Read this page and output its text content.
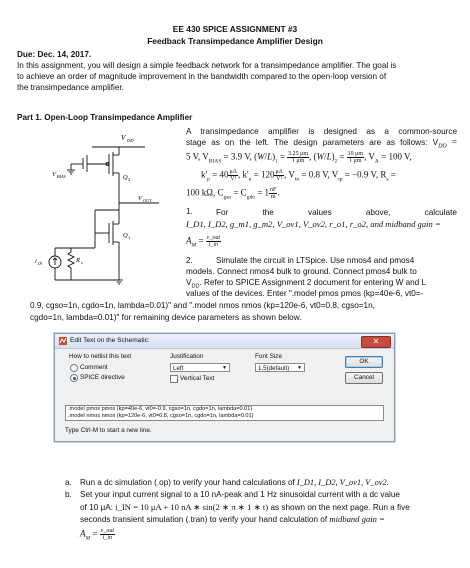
EE 430 SPICE ASSIGNMENT #3
Feedback Transimpedance Amplifier Design
Due: Dec. 14, 2017.
In this assignment, you will design a simple feedback network for a transimpedance amplifier. The goal is
to achieve an order of magnitude improvement in the bandwidth compared to the open-loop version of
the transimpedance amplifier.
Part 1. Open-Loop Transimpedance Amplifier
V DD
V BIAS	Q 2
V OUT
Q 1
i IN	R s
A transimpedance amplifier is designed as a common-source
stage as on the left. The design parameters are as follows: $V_{DD}$ =
5 V, $V_{BIAS} = 3.9$ V, $(W/L)_1 = \frac{3.25 \mu m}{1 \mu m}$ , $(W/L)_2 = \frac{10 \mu m}{1 \mu m}$ , $V_A = 100$ V,
$k'_p = 40 \frac{\mu A}{\text{V²}}$ , $k'_n = 120 \frac{\mu A}{\text{V²}}$ , $V_{tn} = 0.8$ V, $V_{tp} = -0.9$ V, $R_s$ =
100 kΩ, $C_{gso} = C_{gdo} = 1 \frac{nF}{m}$ .
1.	For	the	values	above,	calculate
I_D1, I_D2, g_m1, g_m2, V_ov1, V_ov2, r_o1, r_o2, and midband gain =
$A_M = \frac{\text{v\_out}}{i\_in}$
2.	Simulate the circuit in LTSpice. Use nmos4 and pmos4
models. Connect nmos4 bulk to ground. Connect pmos4 bulk to
$V_{DD}$. Refer to SPICE Assignment 2 document for entering W and L
values of the devices. Enter ".model pmos pmos (kp=40e-6, vt0=-
0.9, cgso=1n, cgdo=1n, lambda=0.01)" and ".model nmos nmos (kp=120e-6, vt0=0.8, cgso=1n,
cgdo=1n, lambda=0.01)" for remaining device parameters as shown below.
Edit Text on the Schematic:	✕
How to netlist this text
Comment
SPICE directive
Justification
Left	▼
Vertical Text
Font Size
1.5(default) ▼
OK
Cancel
.model pmos pmos (kp=40e-6, vt0=-0.9, cgso=1n, cgdo=1n, lambda=0.01)
.model nmos nmos (kp=120e-6, vt0=0.8, cgso=1n, cgdo=1n, lambda=0.01)
Type Ctrl-M to start a new line.
a. Run a dc simulation (.op) to verify your hand calculations of I_D1, I_D2, V_ov1, V_ov2.
b. Set your input current signal to a 10 nA-peak and 1 Hz sinusoidal current with a dc value
of 10 μA: i_IN = 10 μA + 10 nA ∗ sin(2 ∗ π ∗ 1 ∗ t) as shown on the next page. Run a five
seconds transient simulation (.tran) to verify your hand calculation of midband gain =
$A_M = \frac{\text{v\_out}}{i\_in}$
